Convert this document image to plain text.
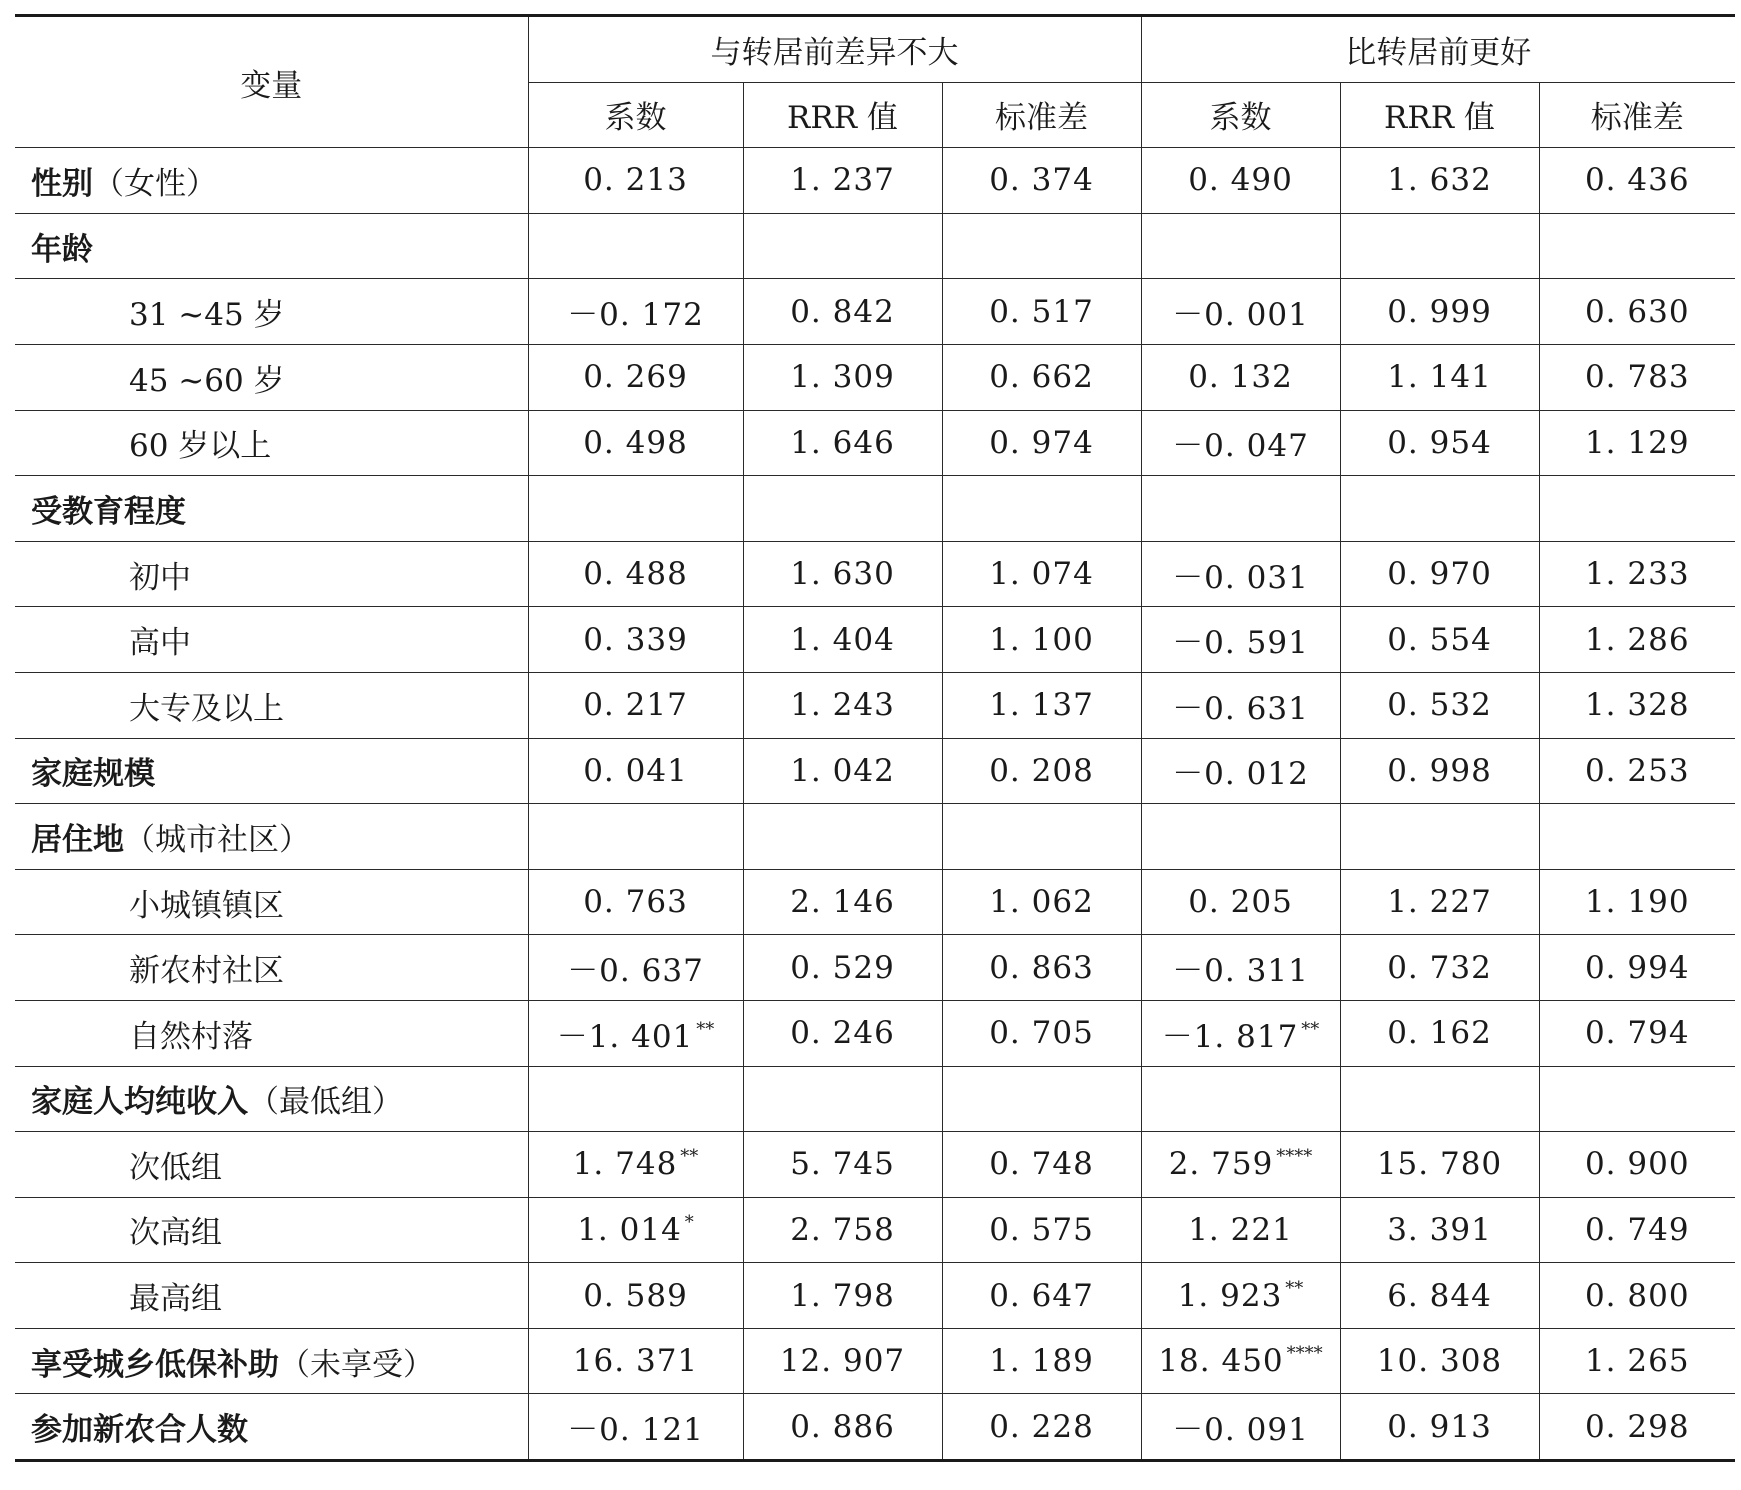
变量	与转居前差异不大			比转居前更好		
	系数	RRR 值	标准差	系数	RRR 值	标准差
性别（女性）	0. 213	1. 237	0. 374	0. 490	1. 632	0. 436
年龄						
31 ~45 岁	－0. 172	0. 842	0. 517	－0. 001	0. 999	0. 630
45 ~60 岁	0. 269	1. 309	0. 662	0. 132	1. 141	0. 783
60 岁以上	0. 498	1. 646	0. 974	－0. 047	0. 954	1. 129
受教育程度						
初中	0. 488	1. 630	1. 074	－0. 031	0. 970	1. 233
高中	0. 339	1. 404	1. 100	－0. 591	0. 554	1. 286
大专及以上	0. 217	1. 243	1. 137	－0. 631	0. 532	1. 328
家庭规模	0. 041	1. 042	0. 208	－0. 012	0. 998	0. 253
居住地（城市社区）						
小城镇镇区	0. 763	2. 146	1. 062	0. 205	1. 227	1. 190
新农村社区	－0. 637	0. 529	0. 863	－0. 311	0. 732	0. 994
自然村落	－1. 401 **	0. 246	0. 705	－1. 817 **	0. 162	0. 794
家庭人均纯收入（最低组）						
次低组	1. 748 **	5. 745	0. 748	2. 759 ****	15. 780	0. 900
次高组	1. 014 *	2. 758	0. 575	1. 221	3. 391	0. 749
最高组	0. 589	1. 798	0. 647	1. 923 **	6. 844	0. 800
享受城乡低保补助（未享受）	16. 371	12. 907	1. 189	18. 450 ****	10. 308	1. 265
参加新农合人数	－0. 121	0. 886	0. 228	－0. 091	0. 913	0. 298
